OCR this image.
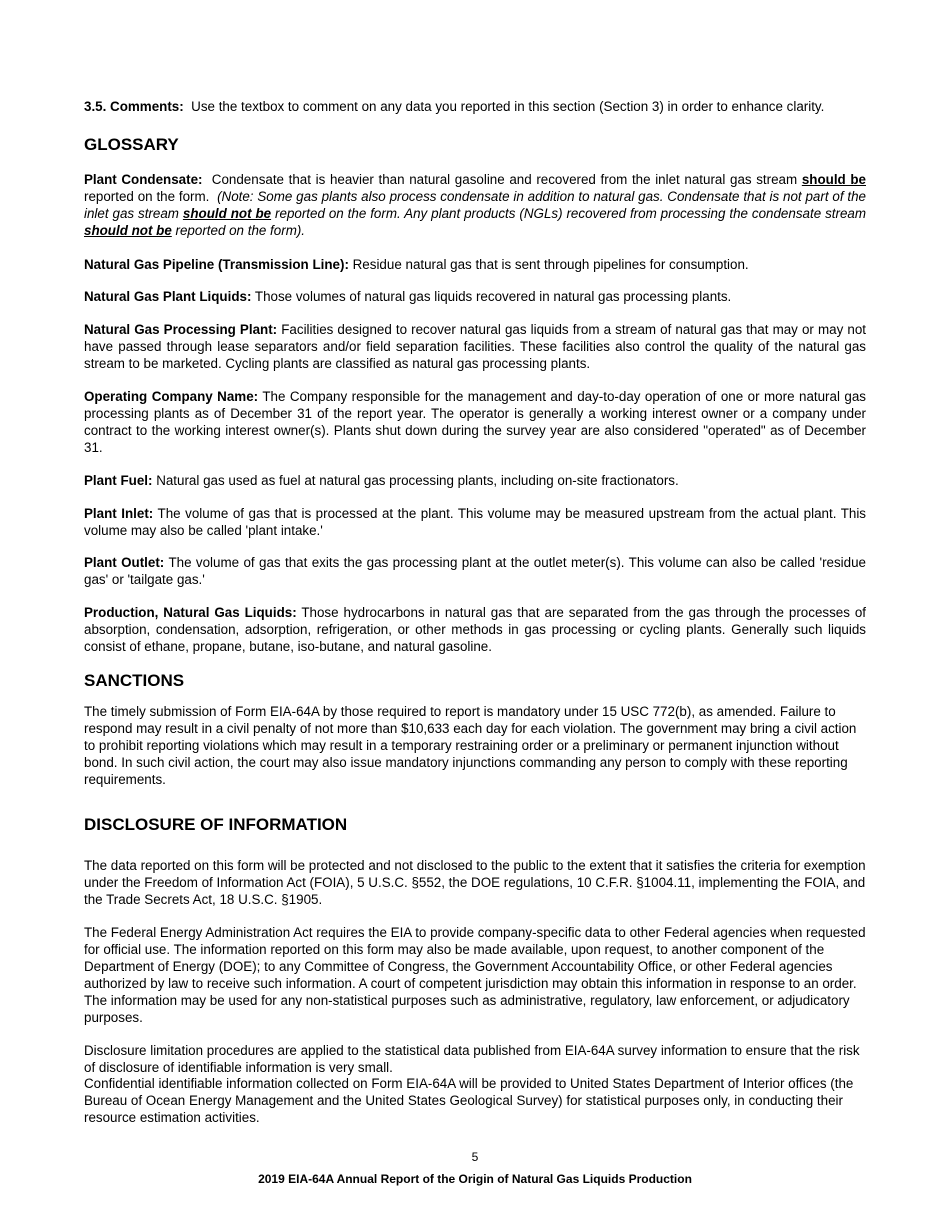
3.5. Comments: Use the textbox to comment on any data you reported in this section (Section 3) in order to enhance clarity.

GLOSSARY

Plant Condensate: Condensate that is heavier than natural gasoline and recovered from the inlet natural gas stream should be reported on the form. (Note: Some gas plants also process condensate in addition to natural gas. Condensate that is not part of the inlet gas stream should not be reported on the form. Any plant products (NGLs) recovered from processing the condensate stream should not be reported on the form).

Natural Gas Pipeline (Transmission Line): Residue natural gas that is sent through pipelines for consumption.

Natural Gas Plant Liquids: Those volumes of natural gas liquids recovered in natural gas processing plants.

Natural Gas Processing Plant: Facilities designed to recover natural gas liquids from a stream of natural gas that may or may not have passed through lease separators and/or field separation facilities. These facilities also control the quality of the natural gas stream to be marketed. Cycling plants are classified as natural gas processing plants.

Operating Company Name: The Company responsible for the management and day-to-day operation of one or more natural gas processing plants as of December 31 of the report year. The operator is generally a working interest owner or a company under contract to the working interest owner(s). Plants shut down during the survey year are also considered "operated" as of December 31.

Plant Fuel: Natural gas used as fuel at natural gas processing plants, including on-site fractionators.

Plant Inlet: The volume of gas that is processed at the plant. This volume may be measured upstream from the actual plant. This volume may also be called 'plant intake.'

Plant Outlet: The volume of gas that exits the gas processing plant at the outlet meter(s). This volume can also be called 'residue gas' or 'tailgate gas.'

Production, Natural Gas Liquids: Those hydrocarbons in natural gas that are separated from the gas through the processes of absorption, condensation, adsorption, refrigeration, or other methods in gas processing or cycling plants. Generally such liquids consist of ethane, propane, butane, iso-butane, and natural gasoline.

SANCTIONS

The timely submission of Form EIA-64A by those required to report is mandatory under 15 USC 772(b), as amended. Failure to respond may result in a civil penalty of not more than $10,633 each day for each violation. The government may bring a civil action to prohibit reporting violations which may result in a temporary restraining order or a preliminary or permanent injunction without bond. In such civil action, the court may also issue mandatory injunctions commanding any person to comply with these reporting requirements.

DISCLOSURE OF INFORMATION

The data reported on this form will be protected and not disclosed to the public to the extent that it satisfies the criteria for exemption under the Freedom of Information Act (FOIA), 5 U.S.C. §552, the DOE regulations, 10 C.F.R. §1004.11, implementing the FOIA, and the Trade Secrets Act, 18 U.S.C. §1905.

The Federal Energy Administration Act requires the EIA to provide company-specific data to other Federal agencies when requested for official use. The information reported on this form may also be made available, upon request, to another component of the Department of Energy (DOE); to any Committee of Congress, the Government Accountability Office, or other Federal agencies authorized by law to receive such information. A court of competent jurisdiction may obtain this information in response to an order. The information may be used for any non-statistical purposes such as administrative, regulatory, law enforcement, or adjudicatory purposes.

Disclosure limitation procedures are applied to the statistical data published from EIA-64A survey information to ensure that the risk of disclosure of identifiable information is very small.

Confidential identifiable information collected on Form EIA-64A will be provided to United States Department of Interior offices (the Bureau of Ocean Energy Management and the United States Geological Survey) for statistical purposes only, in conducting their resource estimation activities.

5
2019 EIA-64A Annual Report of the Origin of Natural Gas Liquids Production
